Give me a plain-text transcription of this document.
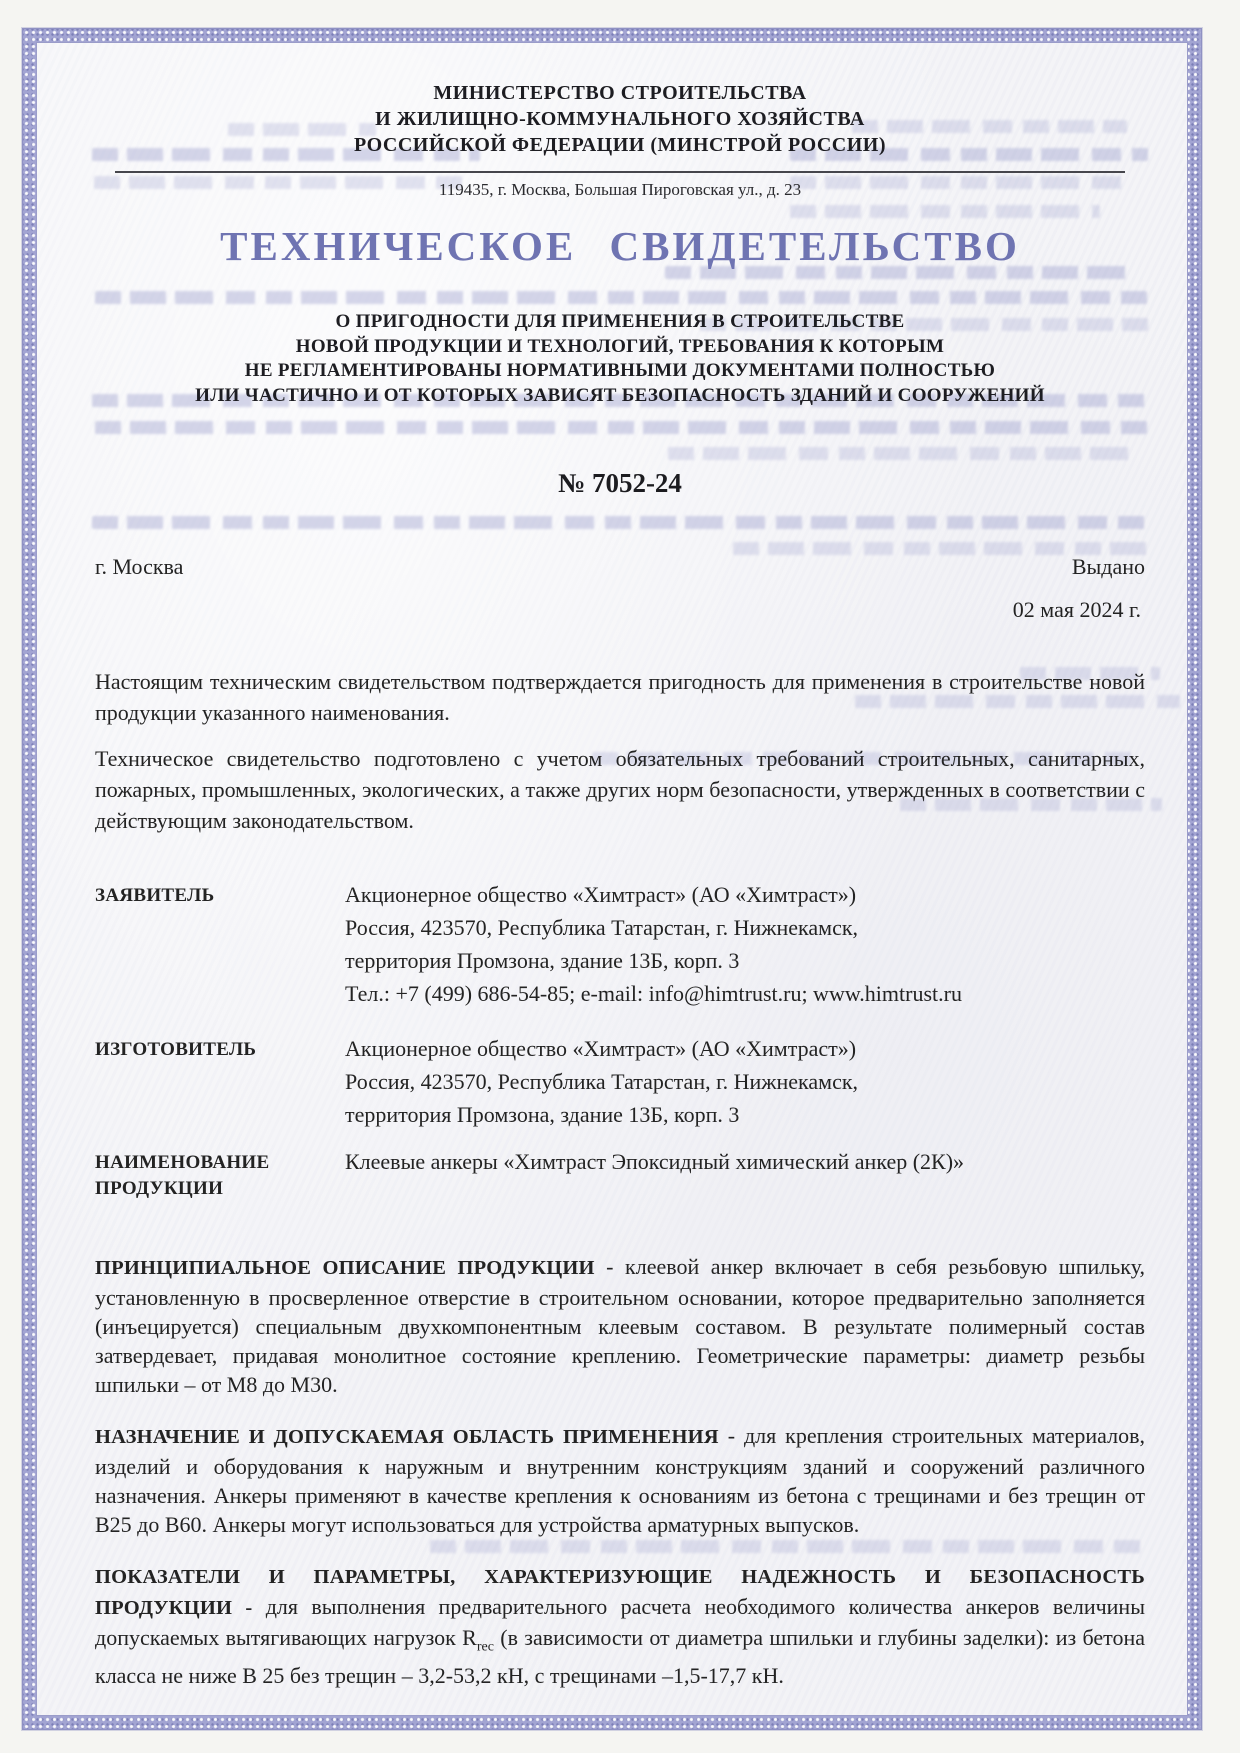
МИНИСТЕРСТВО СТРОИТЕЛЬСТВА
И ЖИЛИЩНО-КОММУНАЛЬНОГО ХОЗЯЙСТВА
РОССИЙСКОЙ ФЕДЕРАЦИИ (МИНСТРОЙ РОССИИ)
119435, г. Москва, Большая Пироговская ул., д. 23
ТЕХНИЧЕСКОЕ СВИДЕТЕЛЬСТВО
О ПРИГОДНОСТИ ДЛЯ ПРИМЕНЕНИЯ В СТРОИТЕЛЬСТВЕ
НОВОЙ ПРОДУКЦИИ И ТЕХНОЛОГИЙ, ТРЕБОВАНИЯ К КОТОРЫМ
НЕ РЕГЛАМЕНТИРОВАНЫ НОРМАТИВНЫМИ ДОКУМЕНТАМИ ПОЛНОСТЬЮ
ИЛИ ЧАСТИЧНО И ОТ КОТОРЫХ ЗАВИСЯТ БЕЗОПАСНОСТЬ ЗДАНИЙ И СООРУЖЕНИЙ
№ 7052-24
г. Москва	Выдано
02 мая 2024 г.

Настоящим техническим свидетельством подтверждается пригодность для применения в строительстве новой продукции указанного наименования.

Техническое свидетельство подготовлено с учетом обязательных требований строительных, санитарных, пожарных, промышленных, экологических, а также других норм безопасности, утвержденных в соответствии с действующим законодательством.

ЗАЯВИТЕЛЬ	Акционерное общество «Химтраст» (АО «Химтраст»)
Россия, 423570, Республика Татарстан, г. Нижнекамск,
территория Промзона, здание 13Б, корп. 3
Тел.: +7 (499) 686-54-85; e-mail: info@himtrust.ru; www.himtrust.ru
ИЗГОТОВИТЕЛЬ	Акционерное общество «Химтраст» (АО «Химтраст»)
Россия, 423570, Республика Татарстан, г. Нижнекамск,
территория Промзона, здание 13Б, корп. 3
НАИМЕНОВАНИЕ ПРОДУКЦИИ
Клеевые анкеры «Химтраст Эпоксидный химический анкер (2К)»

ПРИНЦИПИАЛЬНОЕ ОПИСАНИЕ ПРОДУКЦИИ - клеевой анкер включает в себя резьбовую шпильку, установленную в просверленное отверстие в строительном основании, которое предварительно заполняется (инъецируется) специальным двухкомпонентным клеевым составом. В результате полимерный состав затвердевает, придавая монолитное состояние креплению. Геометрические параметры: диаметр резьбы шпильки – от М8 до М30.

НАЗНАЧЕНИЕ И ДОПУСКАЕМАЯ ОБЛАСТЬ ПРИМЕНЕНИЯ - для крепления строительных материалов, изделий и оборудования к наружным и внутренним конструкциям зданий и сооружений различного назначения. Анкеры применяют в качестве крепления к основаниям из бетона с трещинами и без трещин от В25 до В60. Анкеры могут использоваться для устройства арматурных выпусков.

ПОКАЗАТЕЛИ И ПАРАМЕТРЫ, ХАРАКТЕРИЗУЮЩИЕ НАДЕЖНОСТЬ И БЕЗОПАСНОСТЬ ПРОДУКЦИИ - для выполнения предварительного расчета необходимого количества анкеров величины допускаемых вытягивающих нагрузок $R_{rec}$ (в зависимости от диаметра шпильки и глубины заделки): из бетона класса не ниже В 25 без трещин – 3,2-53,2 кН, с трещинами –1,5-17,7 кН.
